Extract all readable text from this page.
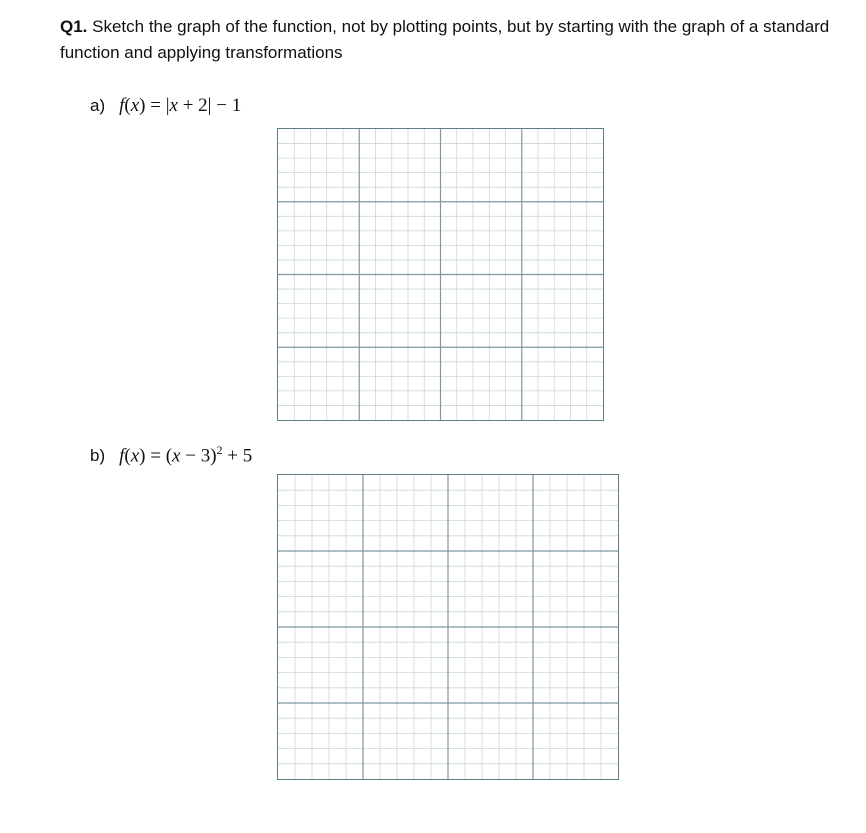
Q1. Sketch the graph of the function, not by plotting points, but by starting with the graph of a standard function and applying transformations
a) f(x) = |x + 2| − 1
b) $f(x) = (x - 3)^2 + 5$
